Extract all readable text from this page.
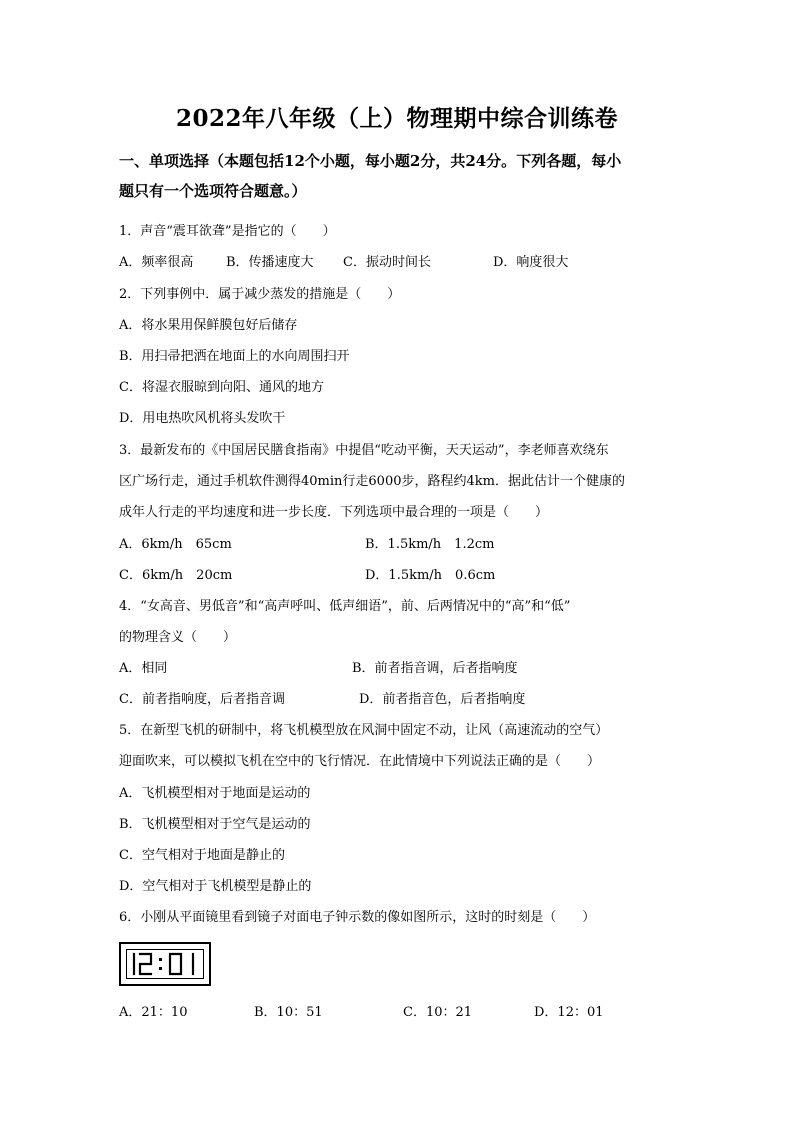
2022年八年级（上）物理期中综合训练卷
一、单项选择（本题包括12个小题，每小题2分，共24分。下列各题，每小
题只有一个选项符合题意。）
1．声音“震耳欲聋”是指它的（　　）
A．频率很高	B．传播速度大 C．振动时间长	D．响度很大
2．下列事例中．属于减少蒸发的措施是（　　）
A．将水果用保鲜膜包好后储存
B．用扫帚把洒在地面上的水向周围扫开
C．将湿衣服晾到向阳、通风的地方
D．用电热吹风机将头发吹干
3．最新发布的《中国居民膳食指南》中提倡“吃动平衡，天天运动”，李老师喜欢绕东
区广场行走，通过手机软件测得40min行走6000步，路程约4km．据此估计一个健康的
成年人行走的平均速度和进一步长度．下列选项中最合理的一项是（　　）
A．6km/h　65cm	B．1.5km/h　1.2cm
C．6km/h　20cm	D．1.5km/h　0.6cm
4．“女高音、男低音”和“高声呼叫、低声细语”，前、后两情况中的“高”和“低”
的物理含义（　　）
A．相同	B．前者指音调，后者指响度
C．前者指响度，后者指音调	D．前者指音色，后者指响度
5．在新型飞机的研制中，将飞机模型放在风洞中固定不动，让风（高速流动的空气）
迎面吹来，可以模拟飞机在空中的飞行情况．在此情境中下列说法正确的是（　　）
A．飞机模型相对于地面是运动的
B．飞机模型相对于空气是运动的
C．空气相对于地面是静止的
D．空气相对于飞机模型是静止的
6．小刚从平面镜里看到镜子对面电子钟示数的像如图所示，这时的时刻是（　　）
A．21：10	B．10：51	C．10：21	D．12：01
